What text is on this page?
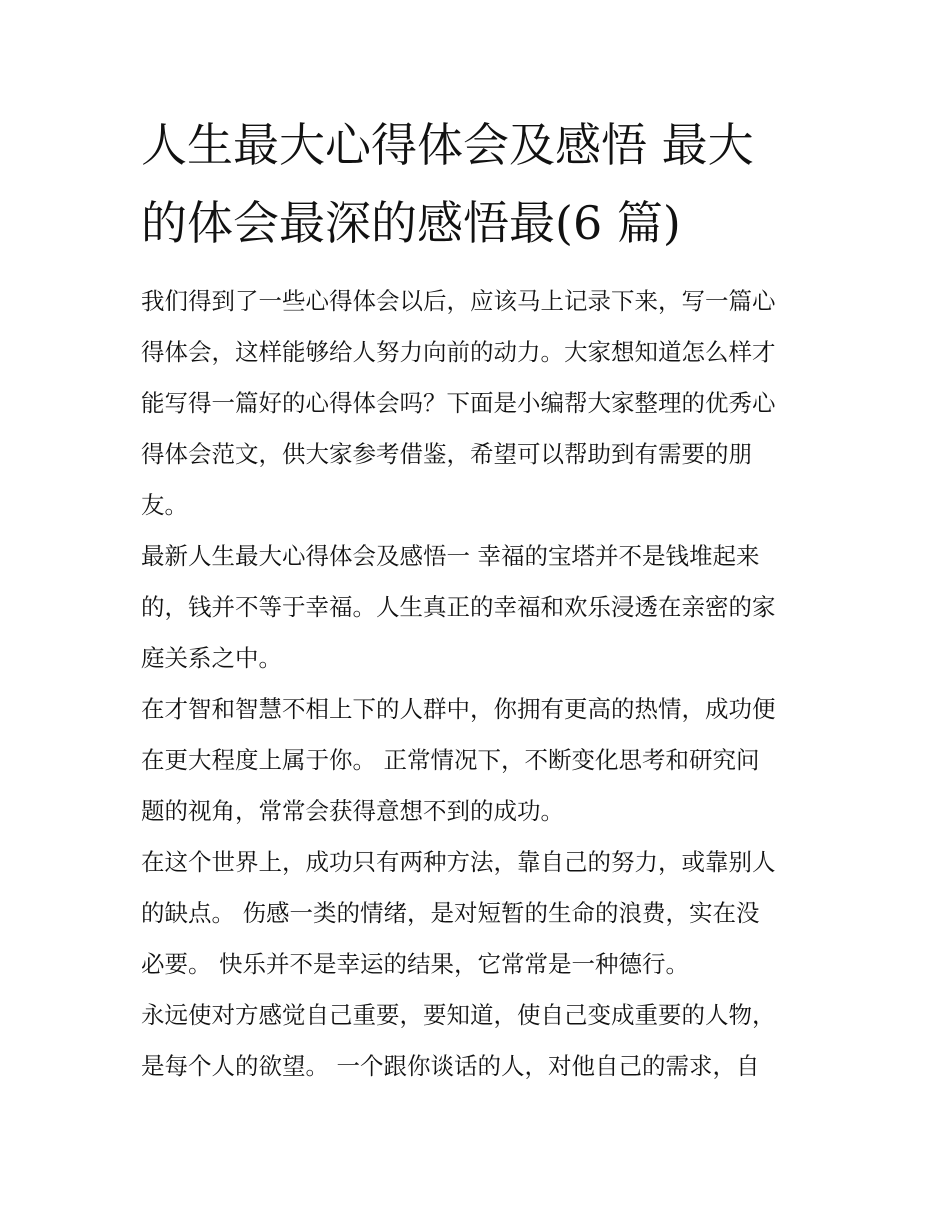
人生最大心得体会及感悟 最大
的体会最深的感悟最(6 篇)

我们得到了一些心得体会以后，应该马上记录下来，写一篇心
得体会，这样能够给人努力向前的动力。大家想知道怎么样才
能写得一篇好的心得体会吗？下面是小编帮大家整理的优秀心
得体会范文，供大家参考借鉴，希望可以帮助到有需要的朋
友。

最新人生最大心得体会及感悟一 幸福的宝塔并不是钱堆起来
的，钱并不等于幸福。人生真正的幸福和欢乐浸透在亲密的家
庭关系之中。

在才智和智慧不相上下的人群中，你拥有更高的热情，成功便
在更大程度上属于你。 正常情况下，不断变化思考和研究问
题的视角，常常会获得意想不到的成功。

在这个世界上，成功只有两种方法，靠自己的努力，或靠别人
的缺点。 伤感一类的情绪，是对短暂的生命的浪费，实在没
必要。 快乐并不是幸运的结果，它常常是一种德行。

永远使对方感觉自己重要，要知道，使自己变成重要的人物，
是每个人的欲望。 一个跟你谈话的人，对他自己的需求，自
